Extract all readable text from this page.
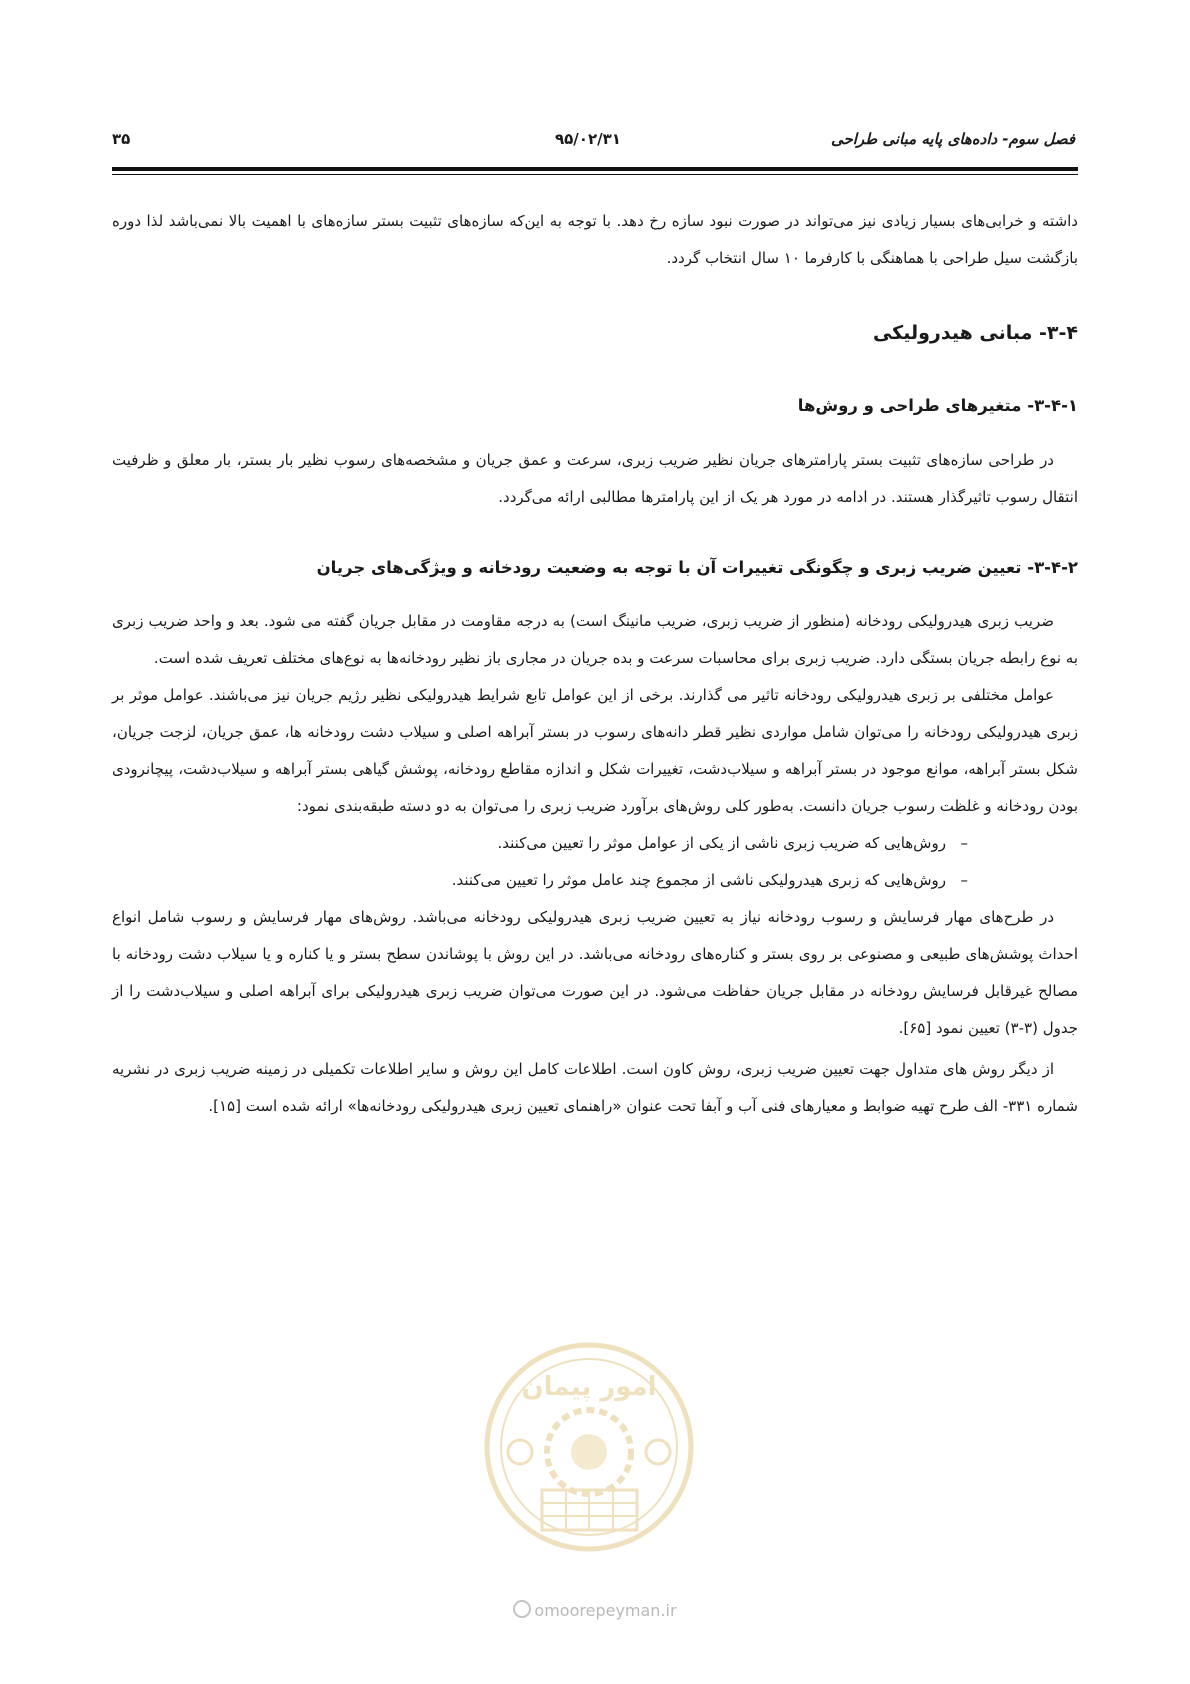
فصل سوم- داده‌های پایه مبانی طراحی
۹۵/۰۲/۳۱
۳۵

داشته و خرابی‌های بسیار زیادی نیز می‌تواند در صورت نبود سازه رخ دهد. با توجه به این‌که سازه‌های تثبیت بستر سازه‌های با اهمیت بالا نمی‌باشد لذا دوره بازگشت سیل طراحی با هماهنگی با کارفرما ۱۰ سال انتخاب گردد.

۳-۴- مبانی هیدرولیکی

۳-۴-۱- متغیرهای طراحی و روش‌ها

در طراحی سازه‌های تثبیت بستر پارامترهای جریان نظیر ضریب زبری، سرعت و عمق جریان و مشخصه‌های رسوب نظیر بار بستر، بار معلق و ظرفیت انتقال رسوب تاثیرگذار هستند. در ادامه در مورد هر یک از این پارامترها مطالبی ارائه می‌گردد.

۳-۴-۲- تعیین ضریب زبری و چگونگی تغییرات آن با توجه به وضعیت رودخانه و ویژگی‌های جریان

ضریب زبری هیدرولیکی رودخانه (منظور از ضریب زبری، ضریب مانینگ است) به درجه مقاومت در مقابل جریان گفته می شود. بعد و واحد ضریب زبری به نوع رابطه جریان بستگی دارد. ضریب زبری برای محاسبات سرعت و بده جریان در مجاری باز نظیر رودخانه‌ها به نوع‌های مختلف تعریف شده است.

عوامل مختلفی بر زبری هیدرولیکی رودخانه تاثیر می گذارند. برخی از این عوامل تابع شرایط هیدرولیکی نظیر رژیم جریان نیز می‌باشند. عوامل موثر بر زبری هیدرولیکی رودخانه را می‌توان شامل مواردی نظیر قطر دانه‌های رسوب در بستر آبراهه اصلی و سیلاب دشت رودخانه ها، عمق جریان، لزجت جریان، شکل بستر آبراهه، موانع موجود در بستر آبراهه و سیلاب‌دشت، تغییرات شکل و اندازه مقاطع رودخانه، پوشش گیاهی بستر آبراهه و سیلاب‌دشت، پیچانرودی بودن رودخانه و غلظت رسوب جریان دانست. به‌طور کلی روش‌های برآورد ضریب زبری را می‌توان به دو دسته طبقه‌بندی نمود:

–روش‌هایی که ضریب زبری ناشی از یکی از عوامل موثر را تعیین می‌کنند.

–روش‌هایی که زبری هیدرولیکی ناشی از مجموع چند عامل موثر را تعیین می‌کنند.

در طرح‌های مهار فرسایش و رسوب رودخانه نیاز به تعیین ضریب زبری هیدرولیکی رودخانه می‌باشد. روش‌های مهار فرسایش و رسوب شامل انواع احداث پوشش‌های طبیعی و مصنوعی بر روی بستر و کناره‌های رودخانه می‌باشد. در این روش با پوشاندن سطح بستر و یا کناره و یا سیلاب دشت رودخانه با مصالح غیرقابل فرسایش رودخانه در مقابل جریان حفاظت می‌شود. در این صورت می‌توان ضریب زبری هیدرولیکی برای آبراهه اصلی و سیلاب‌دشت را از جدول (۳-۳) تعیین نمود [۶۵].

از دیگر روش های متداول جهت تعیین ضریب زبری، روش کاون است. اطلاعات کامل این روش و سایر اطلاعات تکمیلی در زمینه ضریب زبری در نشریه شماره ۳۳۱- الف طرح تهیه ضوابط و معیارهای فنی آب و آبفا تحت عنوان «راهنمای تعیین زبری هیدرولیکی رودخانه‌ها» ارائه شده است [۱۵].

امور پیمان
omoorepeyman.ir
